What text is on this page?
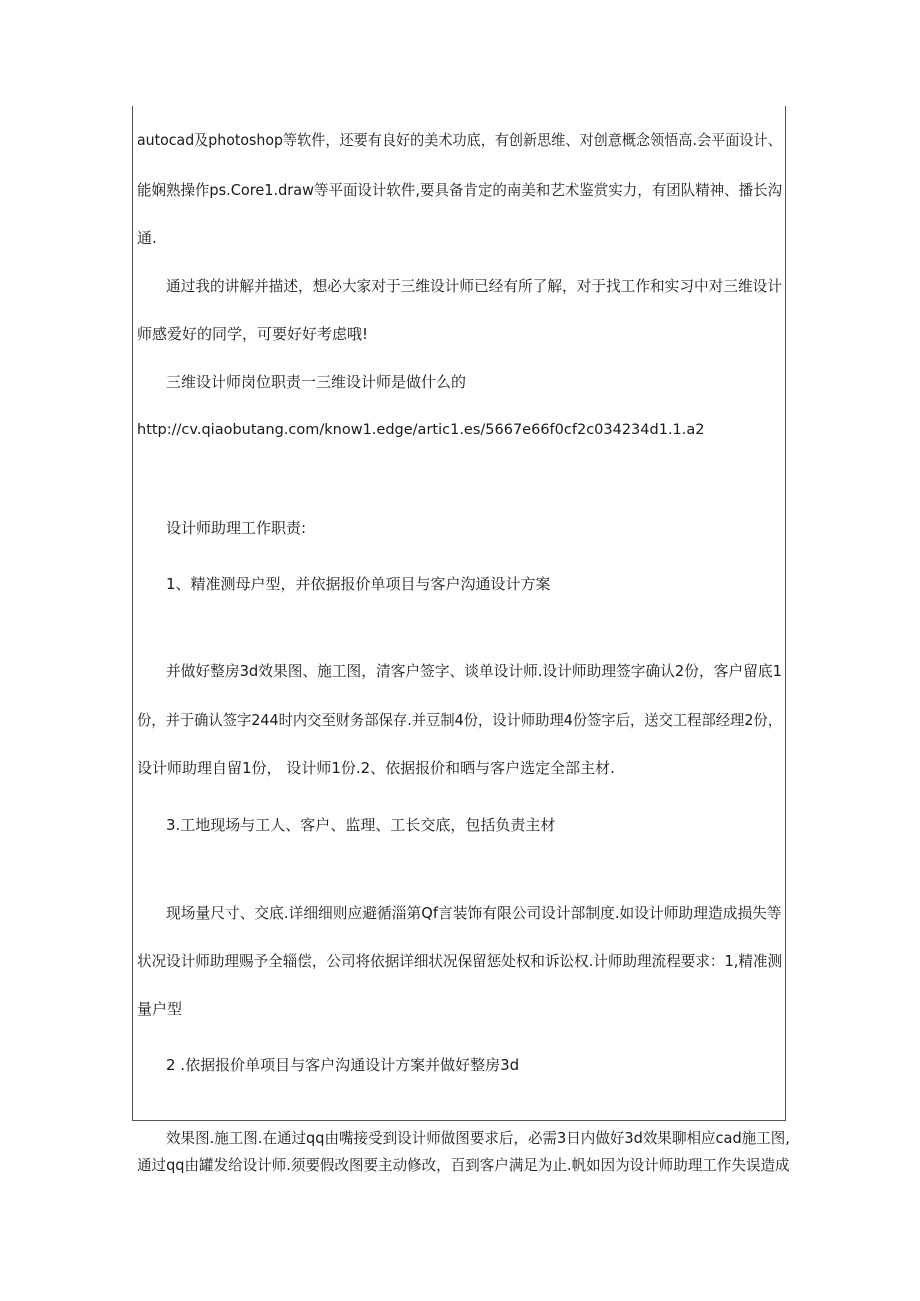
autocad及photoshop等软件，还要有良好的美术功底，有创新思维、对创意概念领悟高.会平面设计、

能娴熟操作ps.Core1.draw等平面设计软件,要具备肯定的南美和艺术鉴赏实力，有团队精神、播长沟

通.

通过我的讲解并描述，想必大家对于三维设计师已经有所了解，对于找工作和实习中对三维设计

师感爱好的同学，可要好好考虑哦!

三维设计师岗位职责一三维设计师是做什么的

http://cv.qiaobutang.com/know1.edge/artic1.es/5667e66f0cf2c034234d1.1.a2

设计师助理工作职责:

1、精准测母户型，并依据报价单项目与客户沟通设计方案

并做好整房3d效果图、施工图，清客户签字、谈单设计师.设计师助理签字确认2份，客户留底1

份，并于确认签字244时内交至财务部保存.并豆制4份，设计师助理4份签字后，送交工程部经理2份，

设计师助理自留1份， 设计师1份.2、依据报价和晒与客户选定全部主材.

3.工地现场与工人、客户、监理、工长交底，包括负责主材

现场量尺寸、交底.详细细则应避循淄第Qf言装饰有限公司设计部制度.如设计师助理造成损失等

状况设计师助理赐予全辎偿，公司将依据详细状况保留惩处权和诉讼权.计师助理流程要求：1,精准测

量户型

2 .依据报价单项目与客户沟通设计方案并做好整房3d

效果图.施工图.在通过qq由嘴接受到设计师做图要求后，必需3日内做好3d效果聊相应cad施工图,

通过qq由罐发给设计师.须要假改图要主动修改，百到客户满足为止.帆如因为设计师助理工作失误造成
